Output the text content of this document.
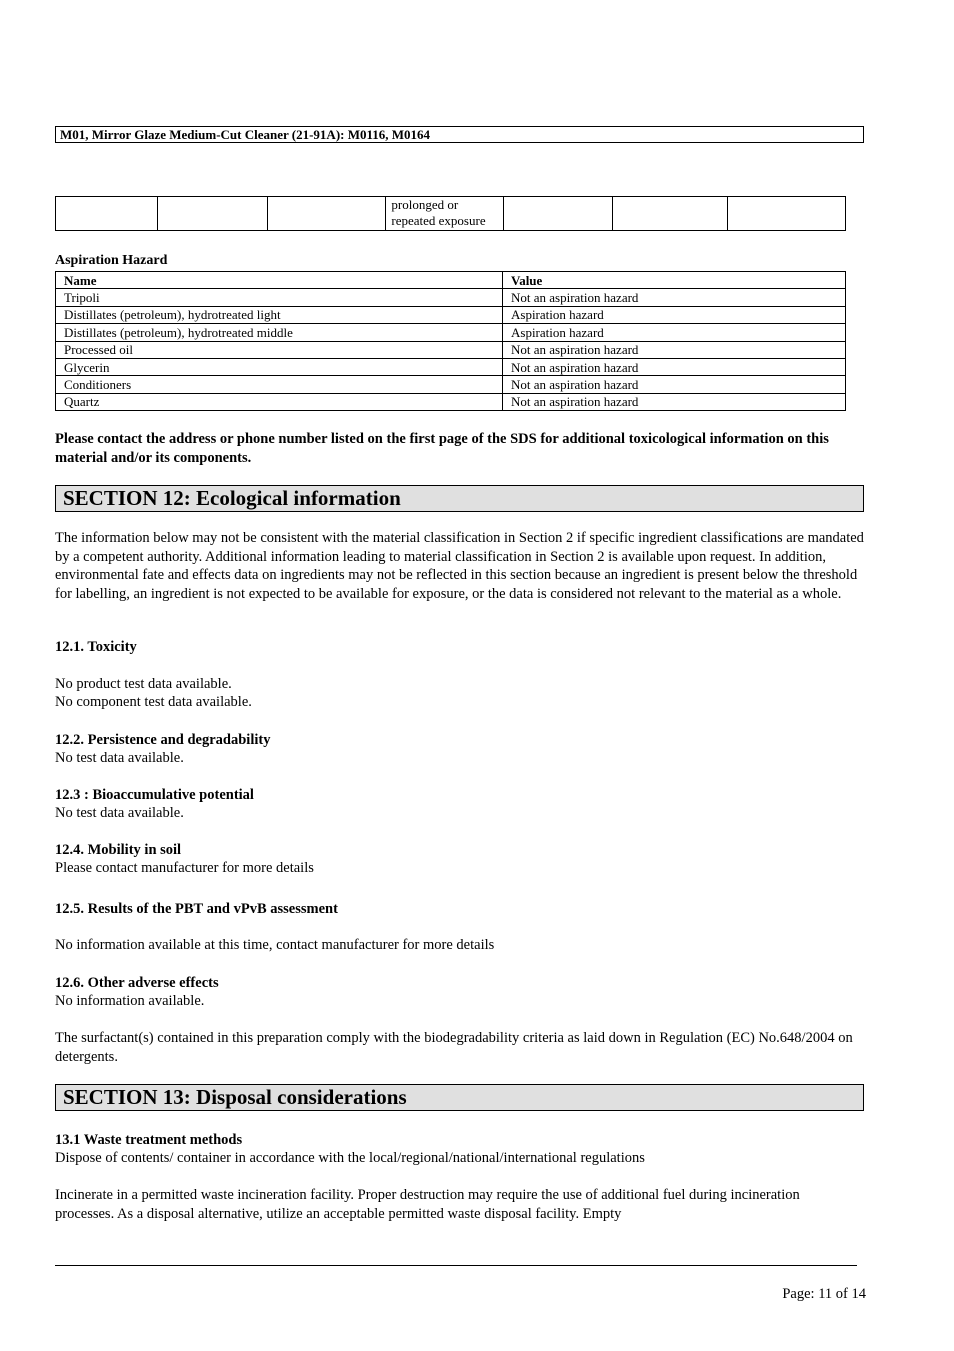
M01, Mirror Glaze Medium-Cut Cleaner (21-91A): M0116, M0164
			prolonged or repeated exposure			
Aspiration Hazard
Name	Value
Tripoli	Not an aspiration hazard
Distillates (petroleum), hydrotreated light	Aspiration hazard
Distillates (petroleum), hydrotreated middle	Aspiration hazard
Processed oil	Not an aspiration hazard
Glycerin	Not an aspiration hazard
Conditioners	Not an aspiration hazard
Quartz	Not an aspiration hazard
Please contact the address or phone number listed on the first page of the SDS for additional toxicological information on this material and/or its components.
SECTION 12: Ecological information
The information below may not be consistent with the material classification in Section 2 if specific ingredient classifications are mandated by a competent authority. Additional information leading to material classification in Section 2 is available upon request. In addition, environmental fate and effects data on ingredients may not be reflected in this section because an ingredient is present below the threshold for labelling, an ingredient is not expected to be available for exposure, or the data is considered not relevant to the material as a whole.
12.1. Toxicity
No product test data available.
No component test data available.
12.2. Persistence and degradability
No test data available.
12.3 : Bioaccumulative potential
No test data available.
12.4. Mobility in soil
Please contact manufacturer for more details
12.5. Results of the PBT and vPvB assessment
No information available at this time, contact manufacturer for more details
12.6. Other adverse effects
No information available.
The surfactant(s) contained in this preparation comply with the biodegradability criteria as laid down in Regulation (EC) No.648/2004 on detergents.
SECTION 13: Disposal considerations
13.1 Waste treatment methods
Dispose of contents/ container in accordance with the local/regional/national/international regulations
Incinerate in a permitted waste incineration facility. Proper destruction may require the use of additional fuel during incineration processes. As a disposal alternative, utilize an acceptable permitted waste disposal facility. Empty
Page: 11 of 14
